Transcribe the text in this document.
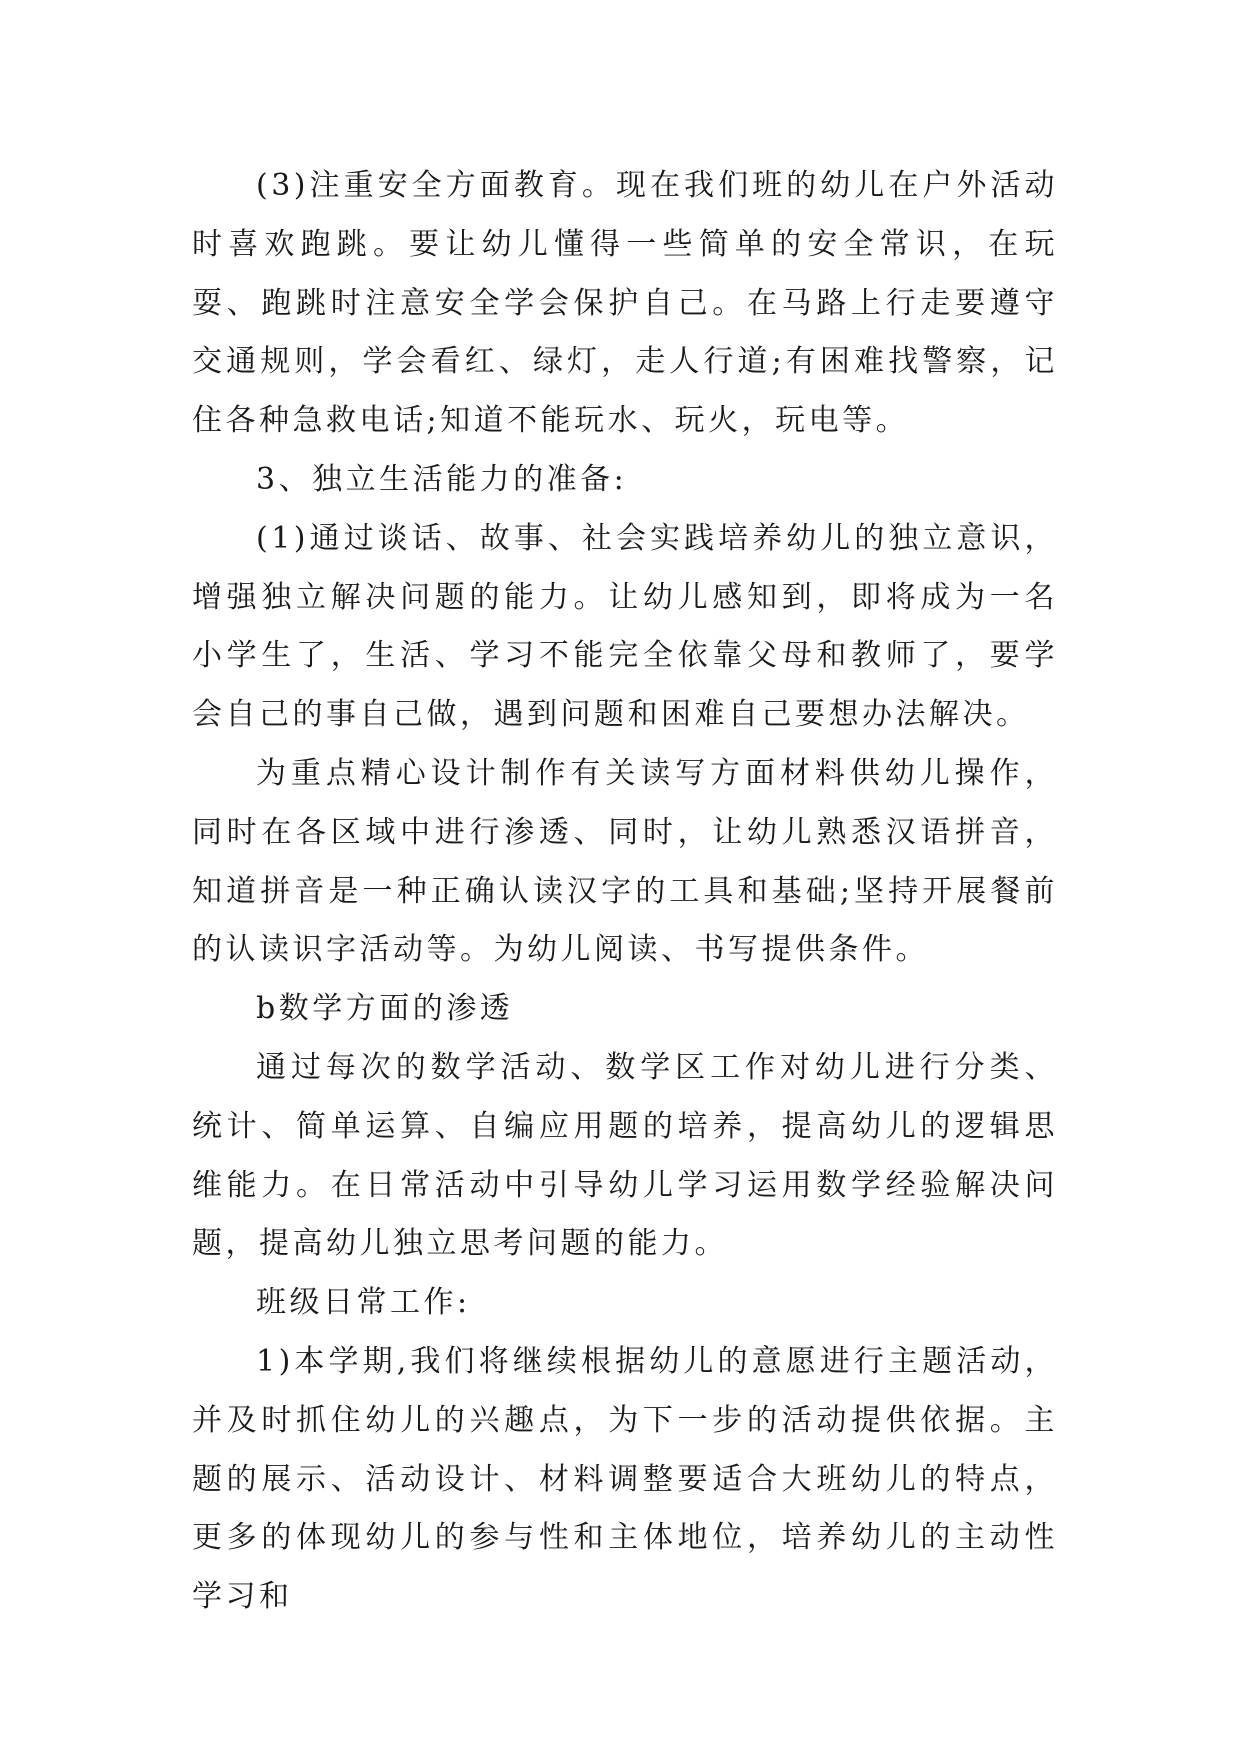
(3)注重安全方面教育。现在我们班的幼儿在户外活动时喜欢跑跳。要让幼儿懂得一些简单的安全常识，在玩耍、跑跳时注意安全学会保护自己。在马路上行走要遵守交通规则，学会看红、绿灯，走人行道;有困难找警察，记住各种急救电话;知道不能玩水、玩火，玩电等。

3、独立生活能力的准备:

(1)通过谈话、故事、社会实践培养幼儿的独立意识，增强独立解决问题的能力。让幼儿感知到，即将成为一名小学生了，生活、学习不能完全依靠父母和教师了，要学会自己的事自己做，遇到问题和困难自己要想办法解决。

为重点精心设计制作有关读写方面材料供幼儿操作，同时在各区域中进行渗透、同时，让幼儿熟悉汉语拼音，知道拼音是一种正确认读汉字的工具和基础;坚持开展餐前的认读识字活动等。为幼儿阅读、书写提供条件。

b数学方面的渗透

通过每次的数学活动、数学区工作对幼儿进行分类、统计、简单运算、自编应用题的培养，提高幼儿的逻辑思维能力。在日常活动中引导幼儿学习运用数学经验解决问题，提高幼儿独立思考问题的能力。

班级日常工作:

1)本学期,我们将继续根据幼儿的意愿进行主题活动，并及时抓住幼儿的兴趣点，为下一步的活动提供依据。主题的展示、活动设计、材料调整要适合大班幼儿的特点，更多的体现幼儿的参与性和主体地位，培养幼儿的主动性学习和
